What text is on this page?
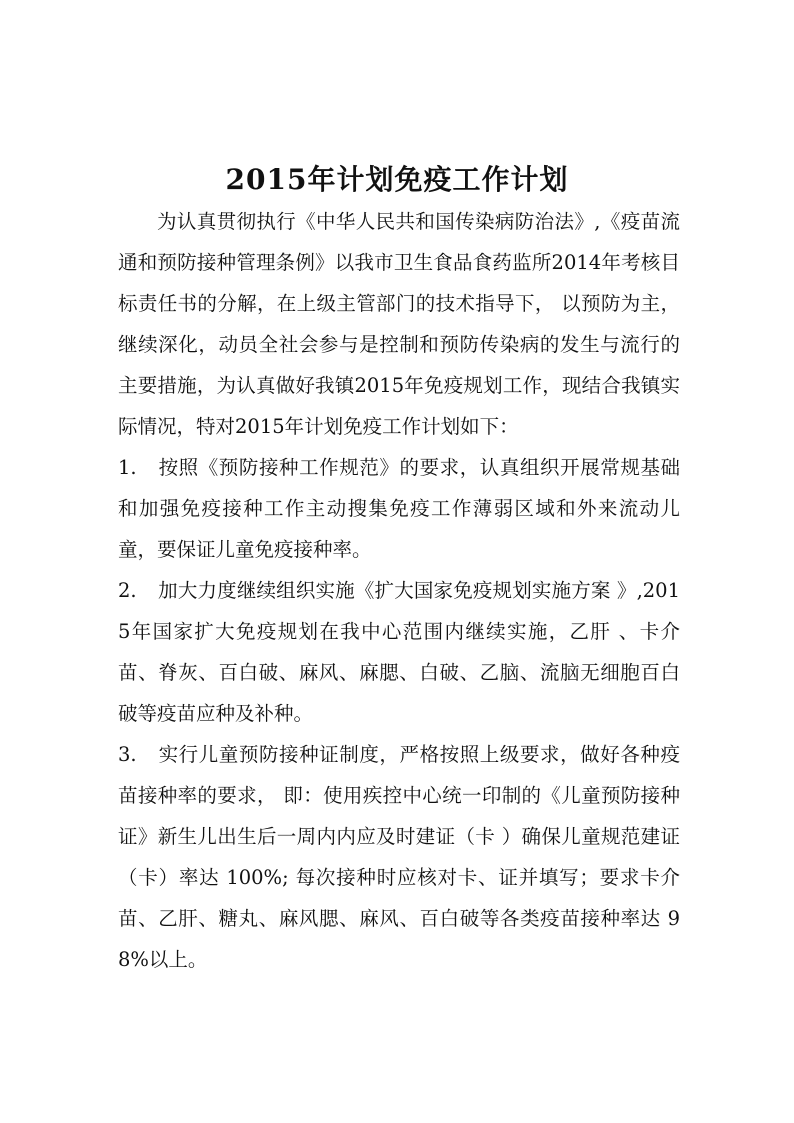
2015年计划免疫工作计划

为认真贯彻执行《中华人民共和国传染病防治法》,《疫苗流通和预防接种管理条例》以我市卫生食品食药监所2014年考核目标责任书的分解，在上级主管部门的技术指导下， 以预防为主，继续深化，动员全社会参与是控制和预防传染病的发生与流行的主要措施，为认真做好我镇2015年免疫规划工作，现结合我镇实际情况，特对2015年计划免疫工作计划如下：

1. 按照《预防接种工作规范》的要求，认真组织开展常规基础和加强免疫接种工作主动搜集免疫工作薄弱区域和外来流动儿童，要保证儿童免疫接种率。

2. 加大力度继续组织实施《扩大国家免疫规划实施方案 》,2015年国家扩大免疫规划在我中心范围内继续实施，乙肝 、卡介苗、脊灰、百白破、麻风、麻腮、白破、乙脑、流脑无细胞百白破等疫苗应种及补种。

3. 实行儿童预防接种证制度，严格按照上级要求，做好各种疫苗接种率的要求， 即：使用疾控中心统一印制的《儿童预防接种证》新生儿出生后一周内内应及时建证（卡 ）确保儿童规范建证（卡）率达 100%; 每次接种时应核对卡、证并填写；要求卡介苗、乙肝、糖丸、麻风腮、麻风、百白破等各类疫苗接种率达 98%以上。
